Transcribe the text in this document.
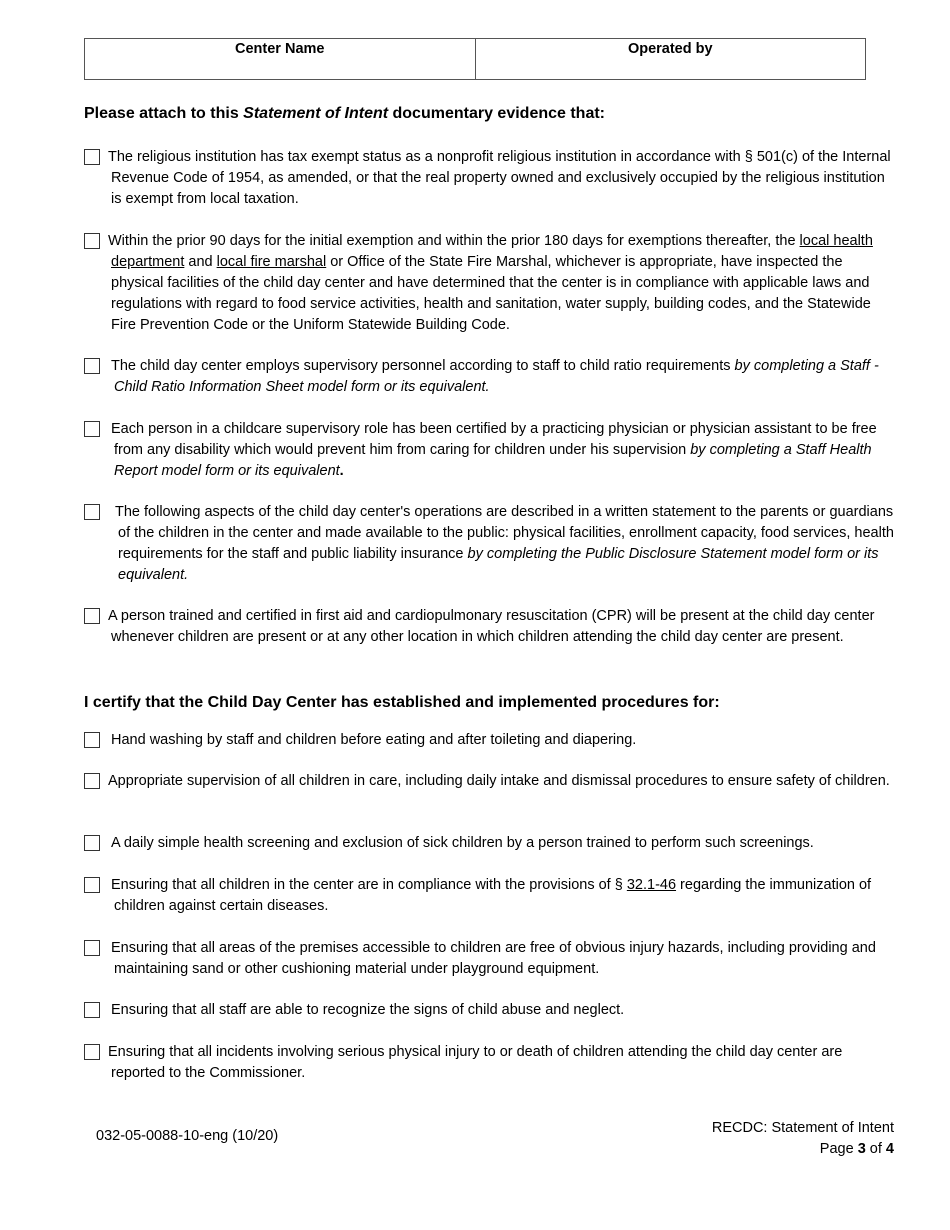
Center Name	Operated by
Please attach to this Statement of Intent documentary evidence that:
The religious institution has tax exempt status as a nonprofit religious institution in accordance with § 501(c) of the Internal Revenue Code of 1954, as amended, or that the real property owned and exclusively occupied by the religious institution is exempt from local taxation.
Within the prior 90 days for the initial exemption and within the prior 180 days for exemptions thereafter, the local health department and local fire marshal or Office of the State Fire Marshal, whichever is appropriate, have inspected the physical facilities of the child day center and have determined that the center is in compliance with applicable laws and regulations with regard to food service activities, health and sanitation, water supply, building codes, and the Statewide Fire Prevention Code or the Uniform Statewide Building Code.
The child day center employs supervisory personnel according to staff to child ratio requirements by completing a Staff - Child Ratio Information Sheet model form or its equivalent.
Each person in a childcare supervisory role has been certified by a practicing physician or physician assistant to be free from any disability which would prevent him from caring for children under his supervision by completing a Staff Health Report model form or its equivalent.
The following aspects of the child day center's operations are described in a written statement to the parents or guardians of the children in the center and made available to the public: physical facilities, enrollment capacity, food services, health requirements for the staff and public liability insurance by completing the Public Disclosure Statement model form or its equivalent.
A person trained and certified in first aid and cardiopulmonary resuscitation (CPR) will be present at the child day center whenever children are present or at any other location in which children attending the child day center are present.
I certify that the Child Day Center has established and implemented procedures for:
Hand washing by staff and children before eating and after toileting and diapering.
Appropriate supervision of all children in care, including daily intake and dismissal procedures to ensure safety of children.
A daily simple health screening and exclusion of sick children by a person trained to perform such screenings.
Ensuring that all children in the center are in compliance with the provisions of § 32.1-46 regarding the immunization of children against certain diseases.
Ensuring that all areas of the premises accessible to children are free of obvious injury hazards, including providing and maintaining sand or other cushioning material under playground equipment.
Ensuring that all staff are able to recognize the signs of child abuse and neglect.
Ensuring that all incidents involving serious physical injury to or death of children attending the child day center are reported to the Commissioner.
032-05-0088-10-eng (10/20)	RECDC: Statement of Intent
Page 3 of 4
